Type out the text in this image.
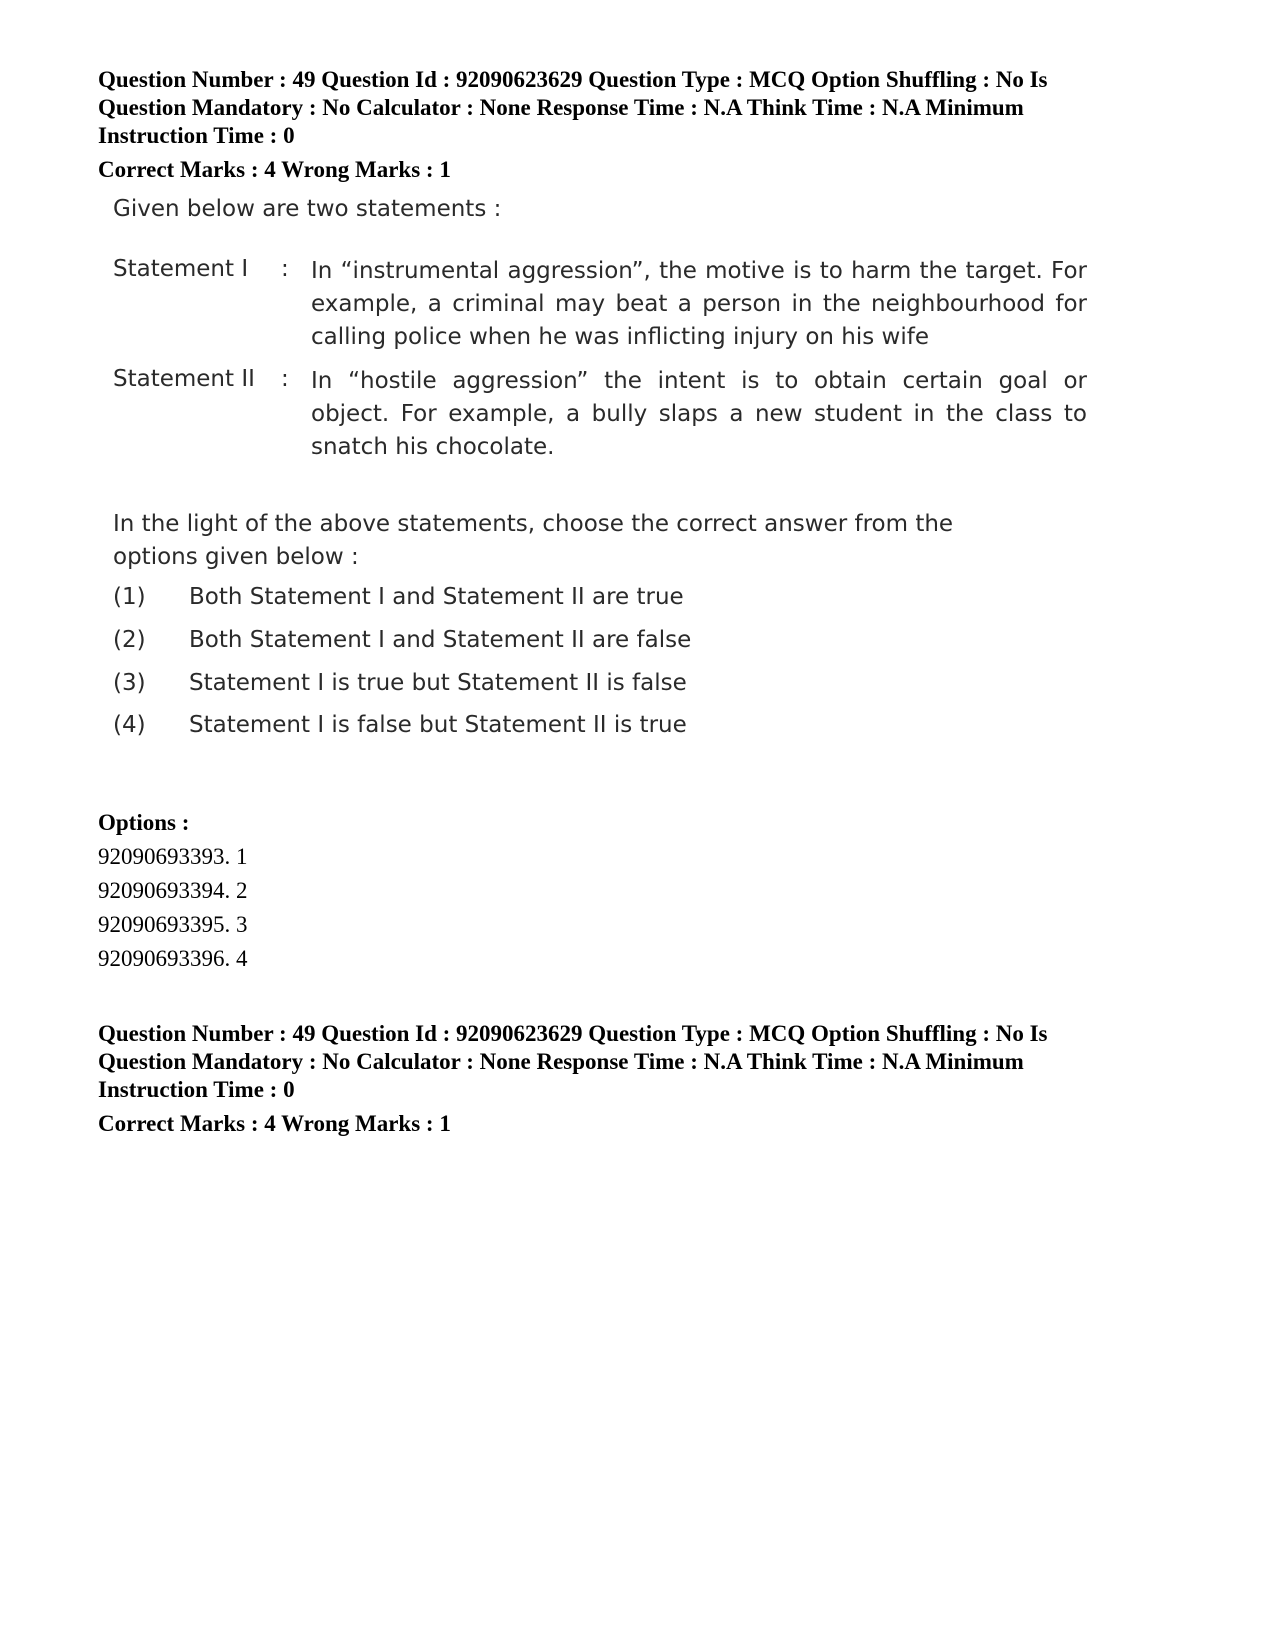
Question Number : 49 Question Id : 92090623629 Question Type : MCQ Option Shuffling : No Is

Question Mandatory : No Calculator : None Response Time : N.A Think Time : N.A Minimum

Instruction Time : 0

Correct Marks : 4 Wrong Marks : 1

Given below are two statements :
Statement I : In “instrumental aggression”, the motive is to harm the target. For example, a criminal may beat a person in the neighbourhood for calling police when he was inflicting injury on his wife
Statement II : In “hostile aggression” the intent is to obtain certain goal or object. For example, a bully slaps a new student in the class to snatch his chocolate.
In the light of the above statements, choose the correct answer from the options given below :
(1) Both Statement I and Statement II are true
(2) Both Statement I and Statement II are false
(3) Statement I is true but Statement II is false
(4) Statement I is false but Statement II is true
Options :
92090693393. 1
92090693394. 2
92090693395. 3
92090693396. 4

Question Number : 49 Question Id : 92090623629 Question Type : MCQ Option Shuffling : No Is

Question Mandatory : No Calculator : None Response Time : N.A Think Time : N.A Minimum

Instruction Time : 0

Correct Marks : 4 Wrong Marks : 1
